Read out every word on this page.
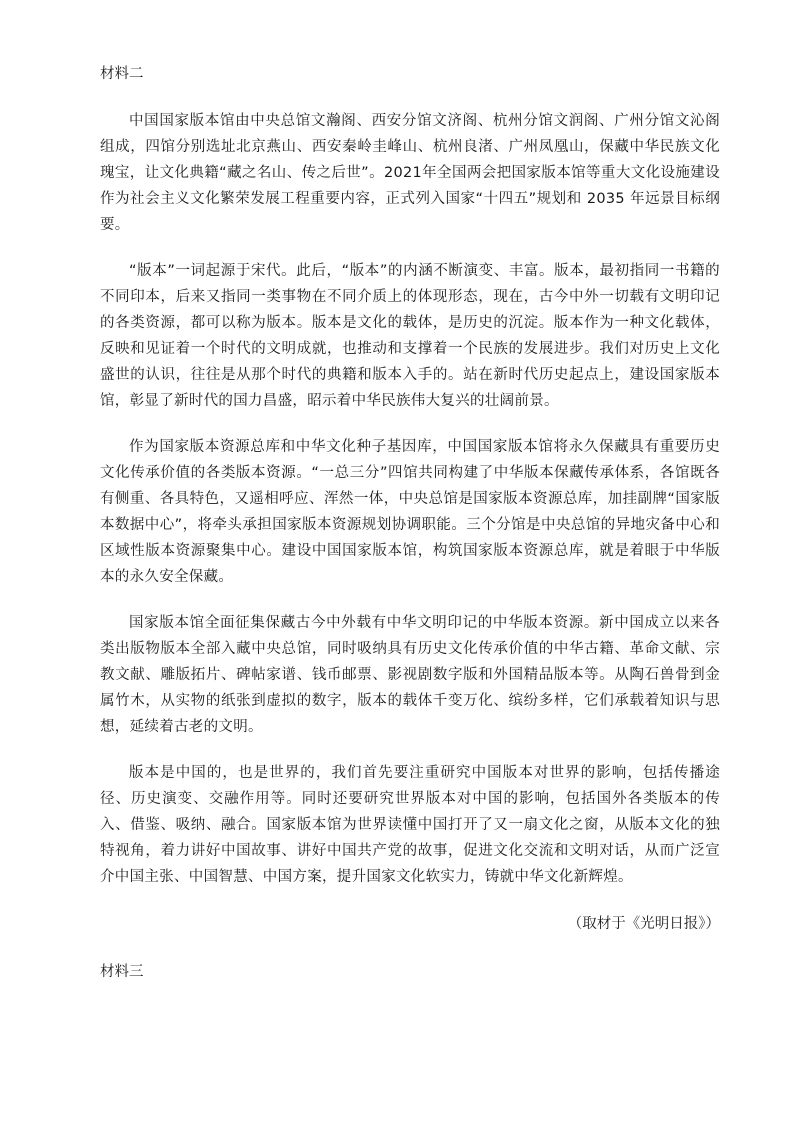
材料二

中国国家版本馆由中央总馆文瀚阁、西安分馆文济阁、杭州分馆文润阁、广州分馆文沁阁组成，四馆分别选址北京燕山、西安秦岭圭峰山、杭州良渚、广州凤凰山，保藏中华民族文化瑰宝，让文化典籍“藏之名山、传之后世”。2021年全国两会把国家版本馆等重大文化设施建设作为社会主义文化繁荣发展工程重要内容，正式列入国家“十四五”规划和 2035 年远景目标纲要。

“版本”一词起源于宋代。此后，“版本”的内涵不断演变、丰富。版本，最初指同一书籍的不同印本，后来又指同一类事物在不同介质上的体现形态，现在，古今中外一切载有文明印记的各类资源，都可以称为版本。版本是文化的载体，是历史的沉淀。版本作为一种文化载体，反映和见证着一个时代的文明成就，也推动和支撑着一个民族的发展进步。我们对历史上文化盛世的认识，往往是从那个时代的典籍和版本入手的。站在新时代历史起点上，建设国家版本馆，彰显了新时代的国力昌盛，昭示着中华民族伟大复兴的壮阔前景。

作为国家版本资源总库和中华文化种子基因库，中国国家版本馆将永久保藏具有重要历史文化传承价值的各类版本资源。“一总三分”四馆共同构建了中华版本保藏传承体系，各馆既各有侧重、各具特色，又遥相呼应、浑然一体，中央总馆是国家版本资源总库，加挂副牌“国家版本数据中心”，将牵头承担国家版本资源规划协调职能。三个分馆是中央总馆的异地灾备中心和区域性版本资源聚集中心。建设中国国家版本馆，构筑国家版本资源总库，就是着眼于中华版本的永久安全保藏。

国家版本馆全面征集保藏古今中外载有中华文明印记的中华版本资源。新中国成立以来各类出版物版本全部入藏中央总馆，同时吸纳具有历史文化传承价值的中华古籍、革命文献、宗教文献、雕版拓片、碑帖家谱、钱币邮票、影视剧数字版和外国精品版本等。从陶石兽骨到金属竹木，从实物的纸张到虚拟的数字，版本的载体千变万化、缤纷多样，它们承载着知识与思想，延续着古老的文明。

版本是中国的，也是世界的，我们首先要注重研究中国版本对世界的影响，包括传播途径、历史演变、交融作用等。同时还要研究世界版本对中国的影响，包括国外各类版本的传入、借鉴、吸纳、融合。国家版本馆为世界读懂中国打开了又一扇文化之窗，从版本文化的独特视角，着力讲好中国故事、讲好中国共产党的故事，促进文化交流和文明对话，从而广泛宣介中国主张、中国智慧、中国方案，提升国家文化软实力，铸就中华文化新辉煌。

（取材于《光明日报》）

材料三
